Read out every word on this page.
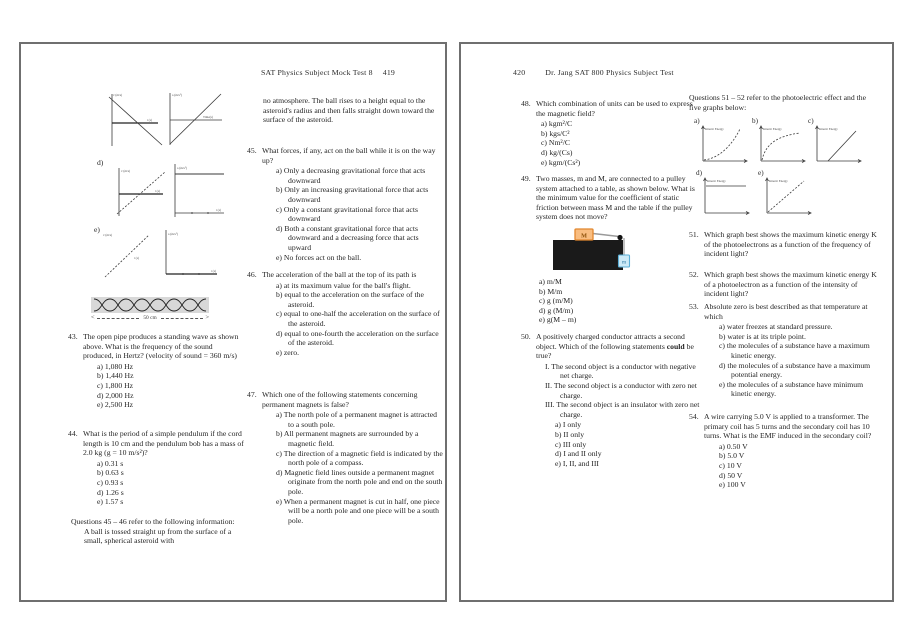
SAT Physics Subject Mock Test 8 419
v (m/s)
t (s)
a (m/s²)
Time(s)
d)
v (m/s)
t (s)
a (m/s²)
t (s)
e)
v (m/s)
t (s)
a (m/s²)
t (s)
<	50 cm	>
43. The open pipe produces a standing wave as shown above. What is the frequency of the sound produced, in Hertz? (velocity of sound = 360 m/s)
a) 1,080 Hz
b) 1,440 Hz
c) 1,800 Hz
d) 2,000 Hz
e) 2,500 Hz
44. What is the period of a simple pendulum if the cord length is 10 cm and the pendulum bob has a mass of 2.0 kg (g = 10 m/s²)?
a) 0.31 s
b) 0.63 s
c) 0.93 s
d) 1.26 s
e) 1.57 s
Questions 45 – 46 refer to the following information:
A ball is tossed straight up from the surface of a small, spherical asteroid with
no atmosphere. The ball rises to a height equal to the asteroid's radius and then falls straight down toward the surface of the asteroid.
45. What forces, if any, act on the ball while it is on the way up?
a) Only a decreasing gravitational force that acts downward
b) Only an increasing gravitational force that acts downward
c) Only a constant gravitational force that acts downward
d) Both a constant gravitational force that acts downward and a decreasing force that acts upward
e) No forces act on the ball.
46. The acceleration of the ball at the top of its path is
a) at its maximum value for the ball's flight.
b) equal to the acceleration on the surface of the asteroid.
c) equal to one-half the acceleration on the surface of the asteroid.
d) equal to one-fourth the acceleration on the surface of the asteroid.
e) zero.
47. Which one of the following statements concerning permanent magnets is false?
a) The north pole of a permanent magnet is attracted to a south pole.
b) All permanent magnets are surrounded by a magnetic field.
c) The direction of a magnetic field is indicated by the north pole of a compass.
d) Magnetic field lines outside a permanent magnet originate from the north pole and end on the south pole.
e) When a permanent magnet is cut in half, one piece will be a north pole and one piece will be a south pole.
420	Dr. Jang SAT 800 Physics Subject Test
48. Which combination of units can be used to express the magnetic field?
a) kgm²/C
b) kgs/C²
c) Nm²/C
d) kg/(Cs)
e) kgm/(Cs²)
49. Two masses, m and M, are connected to a pulley system attached to a table, as shown below. What is the minimum value for the coefficient of static friction between mass M and the table if the pulley system does not move?
M
m
a) m/M
b) M/m
c) g (m/M)
d) g (M/m)
e) g(M – m)
50. A positively charged conductor attracts a second object. Which of the following statements could be true?
I. The second object is a conductor with negative net charge.
II. The second object is a conductor with zero net charge.
III. The second object is an insulator with zero net charge.
a) I only
b) II only
c) III only
d) I and II only
e) I, II, and III
Questions 51 – 52 refer to the photoelectric effect and the five graphs below:
a)	b)	c)
Kinetic Energy	Kinetic Energy	Kinetic Energy
d)	e)
Kinetic Energy	Kinetic Energy
51. Which graph best shows the maximum kinetic energy K of the photoelectrons as a function of the frequency of incident light?
52. Which graph best shows the maximum kinetic energy K of a photoelectron as a function of the intensity of incident light?
53. Absolute zero is best described as that temperature at which
a) water freezes at standard pressure.
b) water is at its triple point.
c) the molecules of a substance have a maximum kinetic energy.
d) the molecules of a substance have a maximum potential energy.
e) the molecules of a substance have minimum kinetic energy.
54. A wire carrying 5.0 V is applied to a transformer. The primary coil has 5 turns and the secondary coil has 10 turns. What is the EMF induced in the secondary coil?
a) 0.50 V
b) 5.0 V
c) 10 V
d) 50 V
e) 100 V
